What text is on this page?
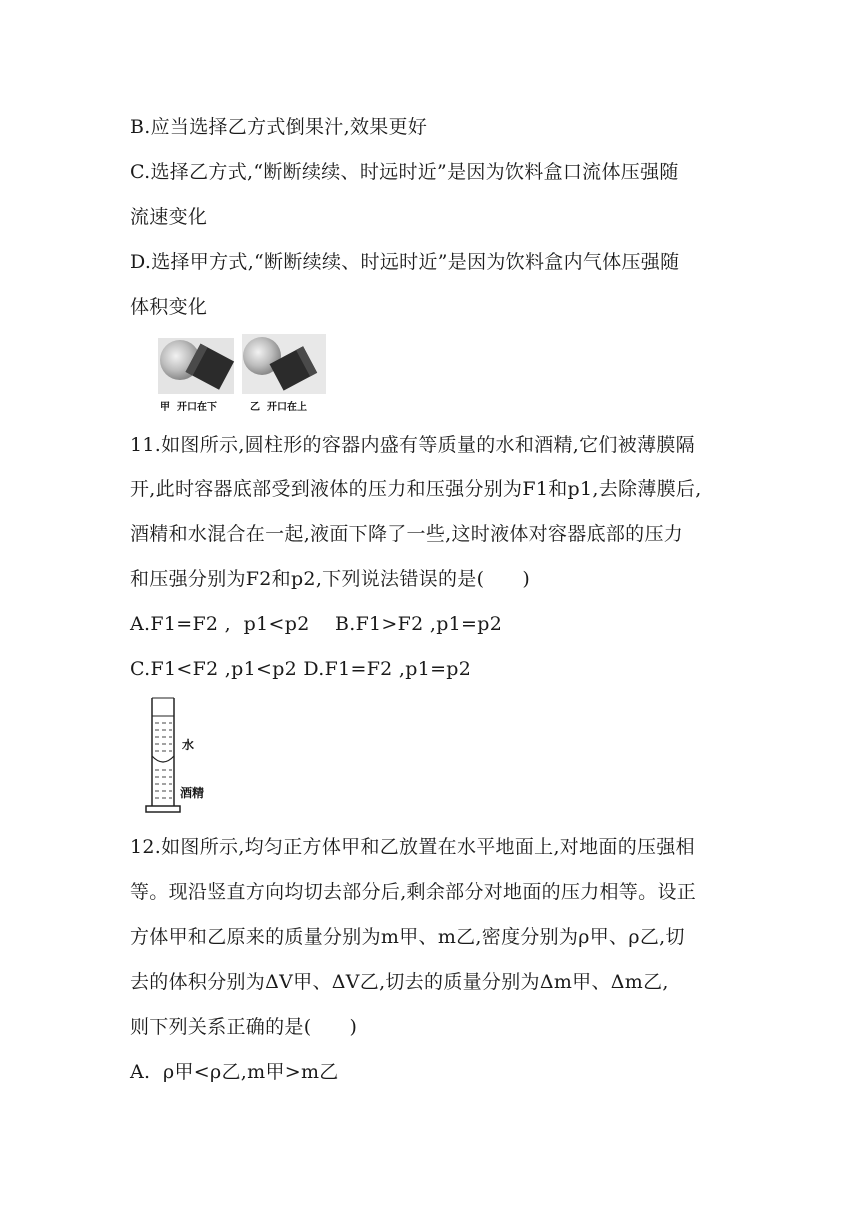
B.应当选择乙方式倒果汁,效果更好
C.选择乙方式,“断断续续、时远时近”是因为饮料盒口流体压强随
流速变化
D.选择甲方式,“断断续续、时远时近”是因为饮料盒内气体压强随
体积变化
甲  开口在下	乙  开口在上
11.如图所示,圆柱形的容器内盛有等质量的水和酒精,它们被薄膜隔
开,此时容器底部受到液体的压力和压强分别为F1和p1,去除薄膜后,
酒精和水混合在一起,液面下降了一些,这时液体对容器底部的压力
和压强分别为F2和p2,下列说法错误的是(      )
A.F1=F2 ,  p1<p2    B.F1>F2 ,p1=p2
C.F1<F2 ,p1<p2 D.F1=F2 ,p1=p2
水
酒精
12.如图所示,均匀正方体甲和乙放置在水平地面上,对地面的压强相
等。现沿竖直方向均切去部分后,剩余部分对地面的压力相等。设正
方体甲和乙原来的质量分别为m甲、m乙,密度分别为ρ甲、ρ乙,切
去的体积分别为ΔV甲、ΔV乙,切去的质量分别为Δm甲、Δm乙,
则下列关系正确的是(      )
A.  ρ甲<ρ乙,m甲>m乙
